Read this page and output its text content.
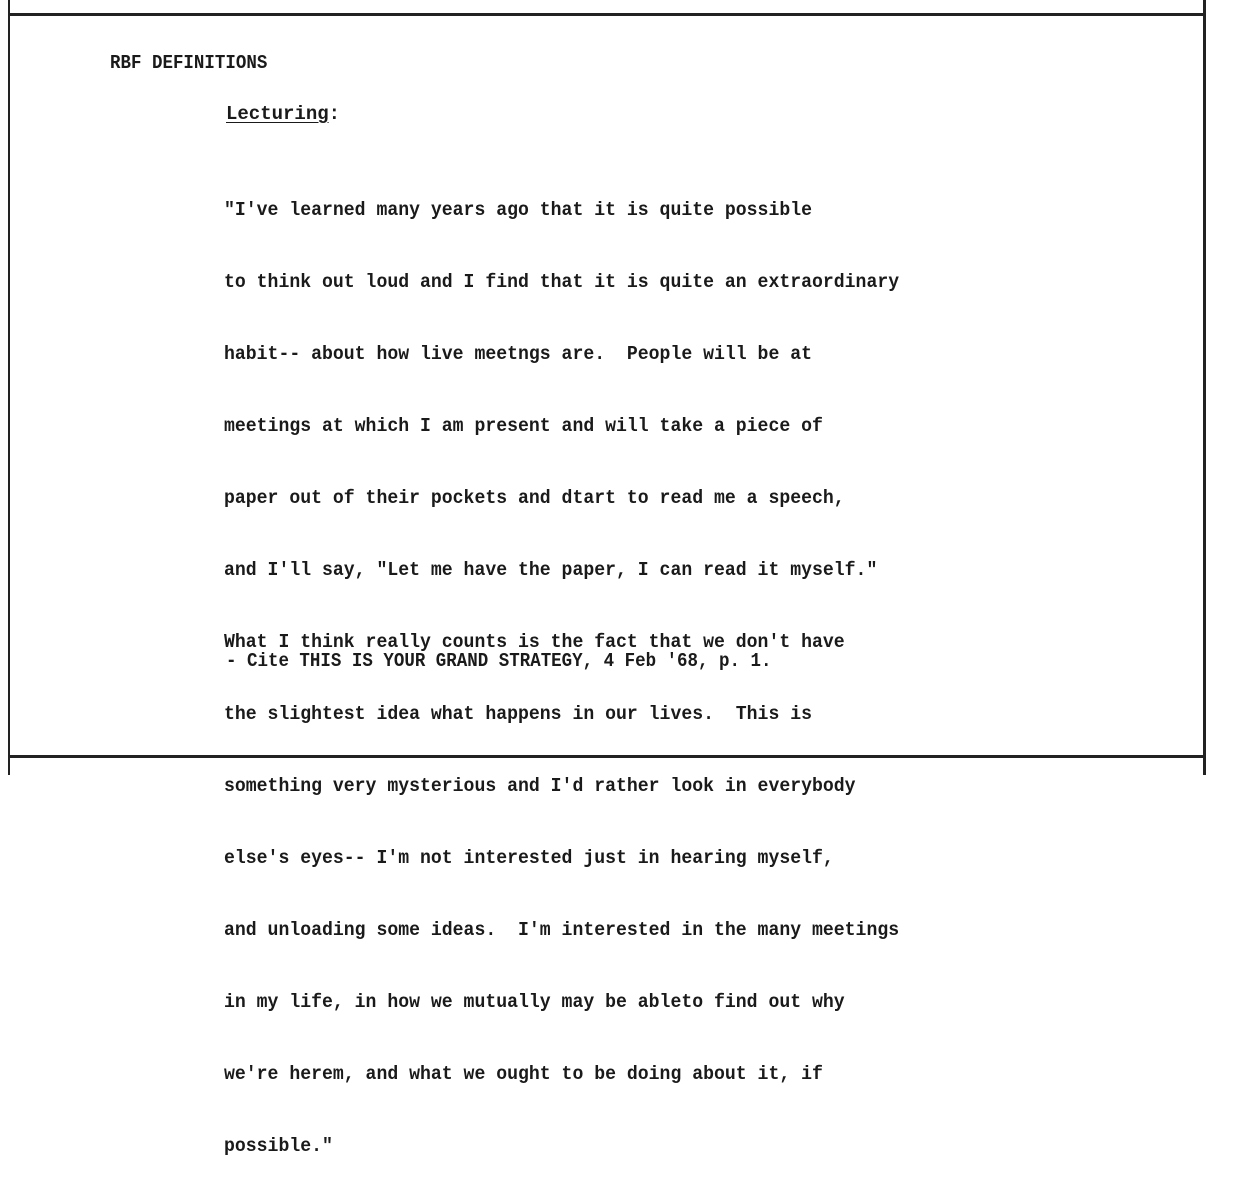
RBF DEFINITIONS
Lecturing:

"I've learned many years ago that it is quite possible

to think out loud and I find that it is quite an extraordinary

habit-- about how live meetngs are.  People will be at

meetings at which I am present and will take a piece of

paper out of their pockets and dtart to read me a speech,

and I'll say, "Let me have the paper, I can read it myself."

What I think really counts is the fact that we don't have

the slightest idea what happens in our lives.  This is

something very mysterious and I'd rather look in everybody

else's eyes-- I'm not interested just in hearing myself,

and unloading some ideas.  I'm interested in the many meetings

in my life, in how we mutually may be ableto find out why

we're herem, and what we ought to be doing about it, if

possible."

- Cite THIS IS YOUR GRAND STRATEGY, 4 Feb '68, p. 1.
